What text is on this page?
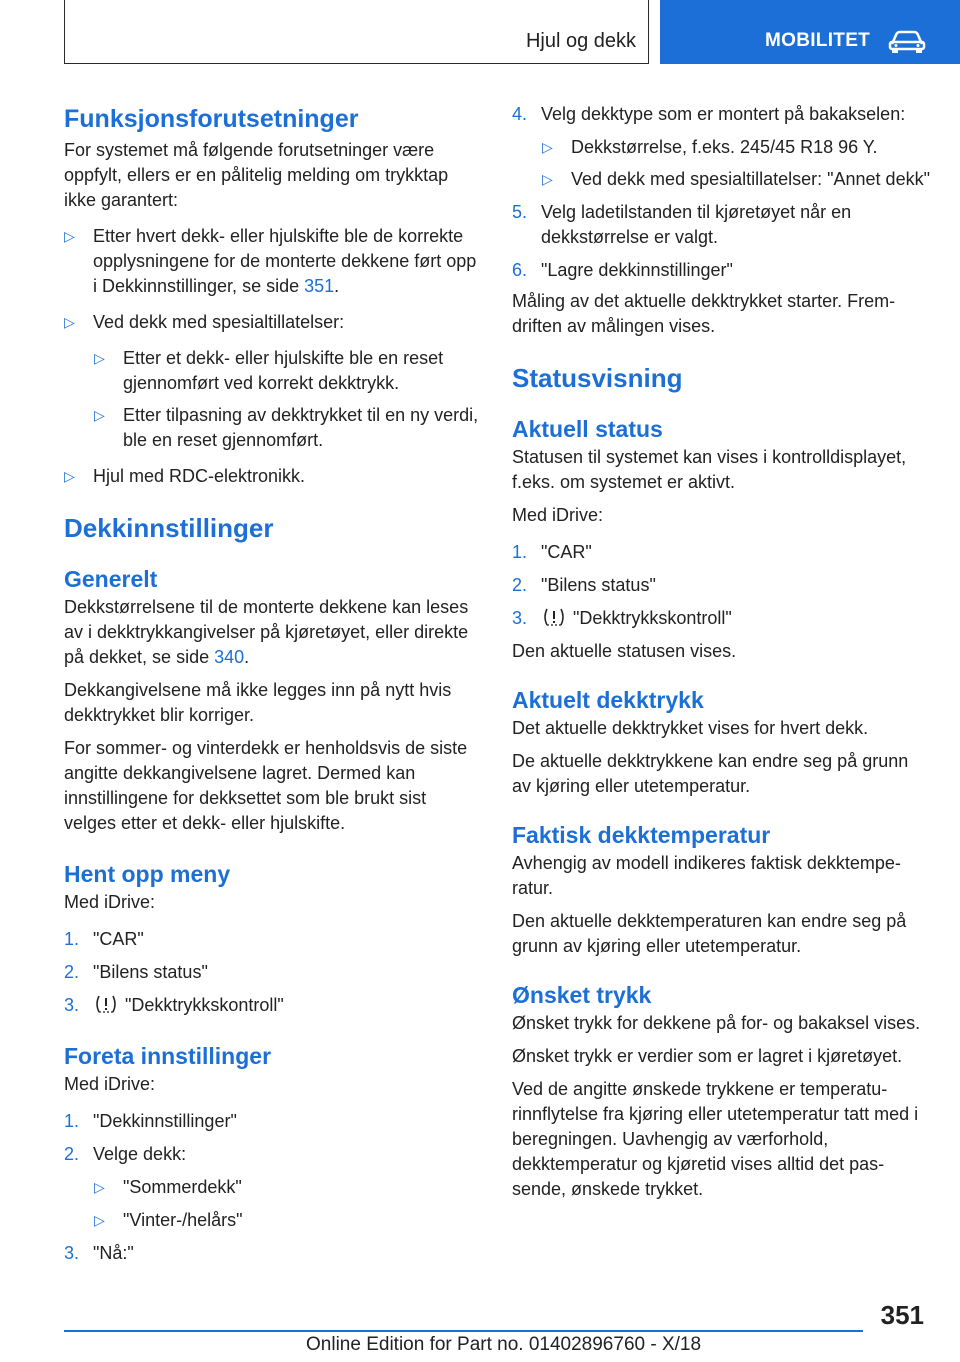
Hjul og dekk	MOBILITET
Funksjonsforutsetninger
For systemet må følgende forutsetninger være oppfylt, ellers er en pålitelig melding om trykktap ikke garantert:
▷ Etter hvert dekk- eller hjulskifte ble de korrekte opplysningene for de monterte dekkene ført opp i Dekkinnstillinger, se side 351.
▷ Ved dekk med spesialtillatelser:
▷ Etter et dekk- eller hjulskifte ble en reset gjennomført ved korrekt dekktrykk.
▷ Etter tilpasning av dekktrykket til en ny verdi, ble en reset gjennomført.
▷ Hjul med RDC-elektronikk.
Dekkinnstillinger
Generelt
Dekkstørrelsene til de monterte dekkene kan leses av i dekktrykkangivelser på kjøretøyet, eller direkte på dekket, se side 340.
Dekkangivelsene må ikke legges inn på nytt hvis dekktrykket blir korriger.
For sommer- og vinterdekk er henholdsvis de siste angitte dekkangivelsene lagret. Dermed kan innstillingene for dekksettet som ble brukt sist velges etter et dekk- eller hjulskifte.
Hent opp meny
Med iDrive:
1. "CAR"
2. "Bilens status"
3.	"Dekktrykkskontroll"
Foreta innstillinger
Med iDrive:
1. "Dekkinnstillinger"
2. Velge dekk:
▷ "Sommerdekk"
▷ "Vinter-/helårs"
3. "Nå:"
4. Velg dekktype som er montert på bakakselen:
▷ Dekkstørrelse, f.eks. 245/45 R18 96 Y.
▷ Ved dekk med spesialtillatelser: "Annet dekk"
5. Velg ladetilstanden til kjøretøyet når en dekkstørrelse er valgt.
6. "Lagre dekkinnstillinger"
Måling av det aktuelle dekktrykket starter. Fremdriften av målingen vises.
Statusvisning
Aktuell status
Statusen til systemet kan vises i kontrolldisplayet, f.eks. om systemet er aktivt.
Med iDrive:
1. "CAR"
2. "Bilens status"
3.	"Dekktrykkskontroll"
Den aktuelle statusen vises.
Aktuelt dekktrykk
Det aktuelle dekktrykket vises for hvert dekk.
De aktuelle dekktrykkene kan endre seg på grunn av kjøring eller utetemperatur.
Faktisk dekktemperatur
Avhengig av modell indikeres faktisk dekktemperatur.
Den aktuelle dekktemperaturen kan endre seg på grunn av kjøring eller utetemperatur.
Ønsket trykk
Ønsket trykk for dekkene på for- og bakaksel vises.
Ønsket trykk er verdier som er lagret i kjøretøyet.
Ved de angitte ønskede trykkene er temperaturinnflytelse fra kjøring eller utetemperatur tatt med i beregningen. Uavhengig av værforhold, dekktemperatur og kjøretid vises alltid det passende, ønskede trykket.
351
Online Edition for Part no. 01402896760 - X/18
